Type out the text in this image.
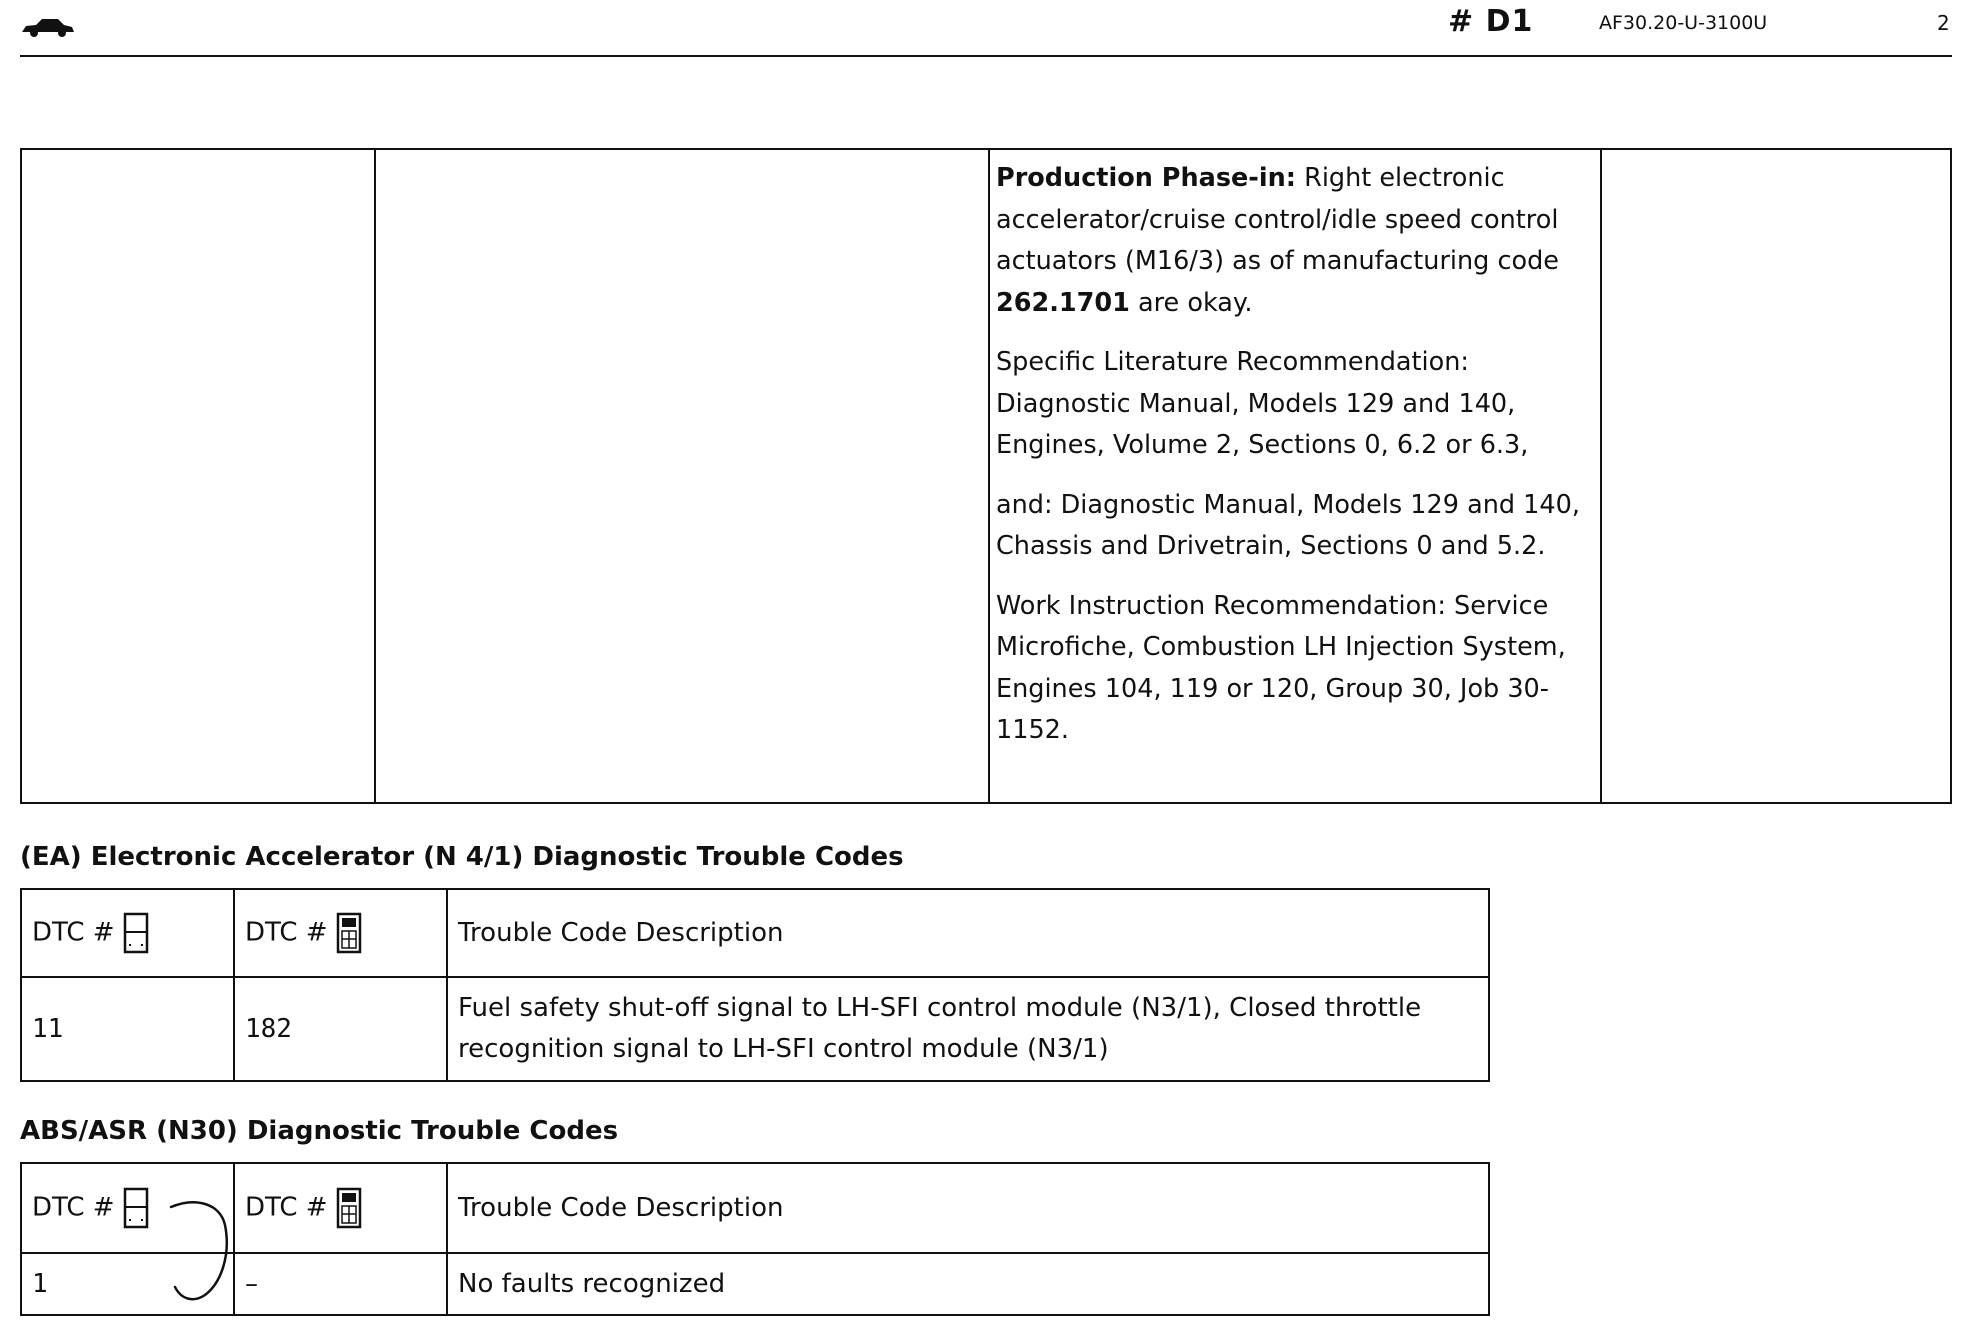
# D1	AF30.20-U-3100U	2

Production Phase-in: Right electronic accelerator/cruise control/idle speed control actuators (M16/3) as of manufacturing code 262.1701 are okay.

Specific Literature Recommendation: Diagnostic Manual, Models 129 and 140, Engines, Volume 2, Sections 0, 6.2 or 6.3,

and: Diagnostic Manual, Models 129 and 140, Chassis and Drivetrain, Sections 0 and 5.2.

Work Instruction Recommendation: Service Microfiche, Combustion LH Injection System, Engines 104, 119 or 120, Group 30, Job 30-1152.

(EA) Electronic Accelerator (N 4/1) Diagnostic Trouble Codes
DTC #	DTC #	Trouble Code Description
11	182	Fuel safety shut-off signal to LH-SFI control module (N3/1), Closed throttle recognition signal to LH-SFI control module (N3/1)
ABS/ASR (N30) Diagnostic Trouble Codes
DTC #	DTC #	Trouble Code Description
1	–	No faults recognized
